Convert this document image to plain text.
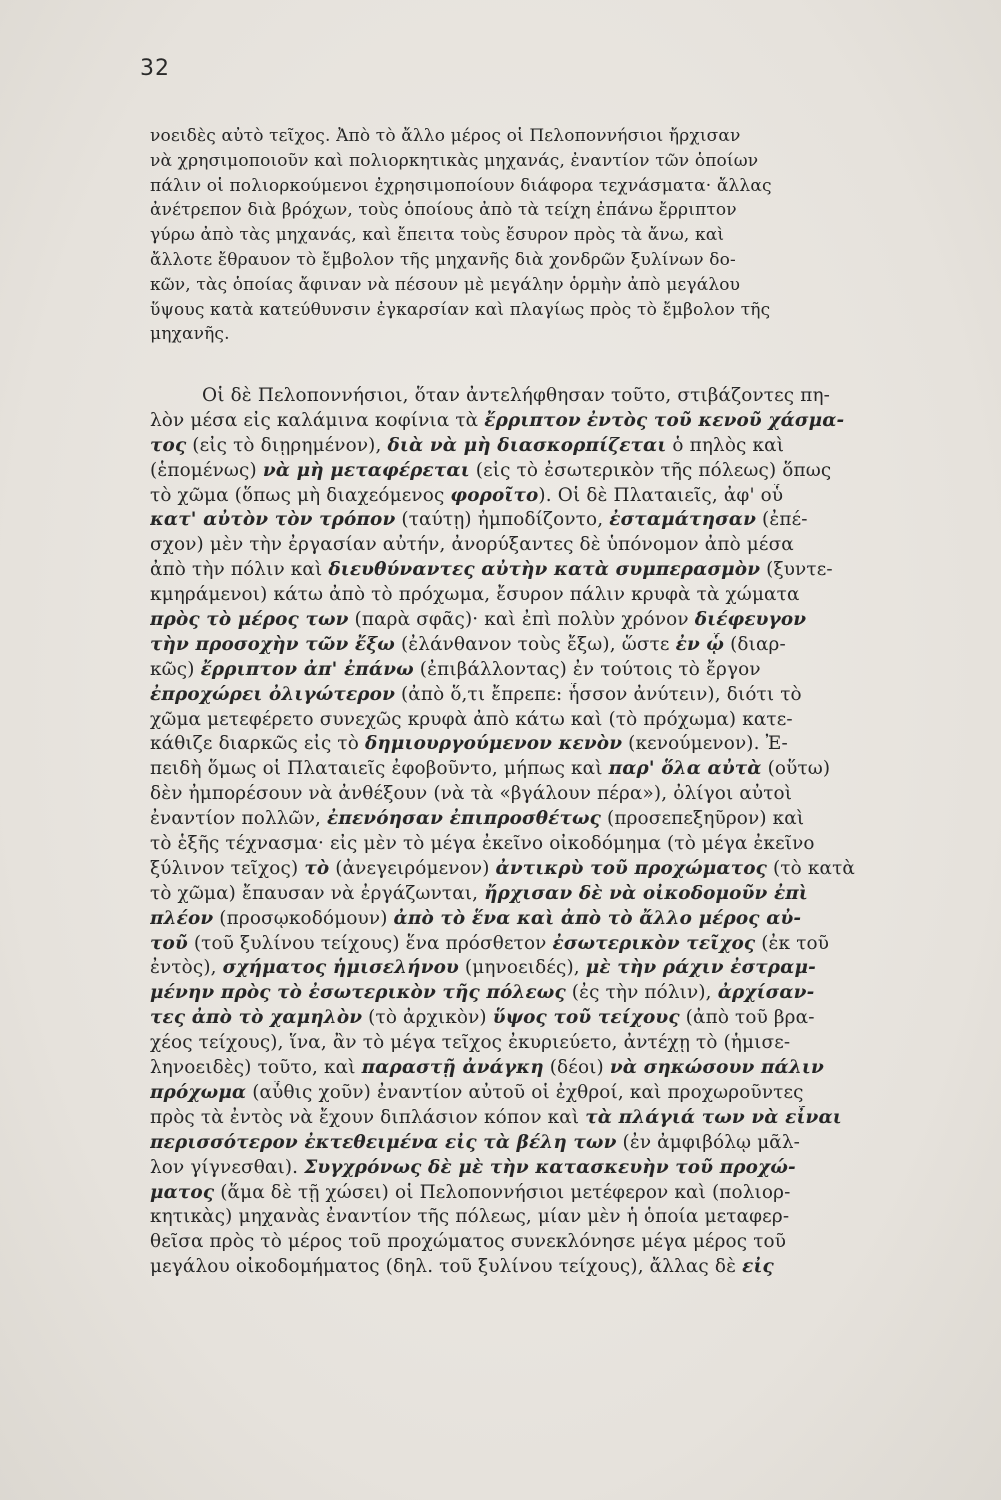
32
νοειδὲς αὐτὸ τεῖχος. Ἀπὸ τὸ ἄλλο μέρος οἱ Πελοποννήσιοι ἤρχισαν
νὰ χρησιμοποιοῦν καὶ πολιορκητικὰς μηχανάς, ἐναντίον τῶν ὁποίων
πάλιν οἱ πολιορκούμενοι ἐχρησιμοποίουν διάφορα τεχνάσματα· ἄλλας
ἀνέτρεπον διὰ βρόχων, τοὺς ὁποίους ἀπὸ τὰ τείχη ἐπάνω ἔρριπτον
γύρω ἀπὸ τὰς μηχανάς, καὶ ἔπειτα τοὺς ἔσυρον πρὸς τὰ ἄνω, καὶ
ἄλλοτε ἔθραυον τὸ ἔμβολον τῆς μηχανῆς διὰ χονδρῶν ξυλίνων δο-
κῶν, τὰς ὁποίας ἄφιναν νὰ πέσουν μὲ μεγάλην ὁρμὴν ἀπὸ μεγάλου
ὕψους κατὰ κατεύθυνσιν ἐγκαρσίαν καὶ πλαγίως πρὸς τὸ ἔμβολον τῆς
μηχανῆς.
Οἱ δὲ Πελοποννήσιοι, ὅταν ἀντελήφθησαν τοῦτο, στιβάζοντες πη-
λὸν μέσα εἰς καλάμινα κοφίνια τὰ ἔρριπτον ἐντὸς τοῦ κενοῦ χάσμα-
τος (εἰς τὸ διῃρημένον), διὰ νὰ μὴ διασκορπίζεται ὁ πηλὸς καὶ
(ἑπομένως) νὰ μὴ μεταφέρεται (εἰς τὸ ἐσωτερικὸν τῆς πόλεως) ὅπως
τὸ χῶμα (ὅπως μὴ διαχεόμενος φοροῖτο). Οἱ δὲ Πλαταιεῖς, ἀφ' οὗ
κατ' αὐτὸν τὸν τρόπον (ταύτῃ) ἠμποδίζοντο, ἐσταμάτησαν (ἐπέ-
σχον) μὲν τὴν ἐργασίαν αὐτήν, ἀνορύξαντες δὲ ὑπόνομον ἀπὸ μέσα
ἀπὸ τὴν πόλιν καὶ διευθύναντες αὐτὴν κατὰ συμπερασμὸν (ξυντε-
κμηράμενοι) κάτω ἀπὸ τὸ πρόχωμα, ἔσυρον πάλιν κρυφὰ τὰ χώματα
πρὸς τὸ μέρος των (παρὰ σφᾶς)· καὶ ἐπὶ πολὺν χρόνον διέφευγον
τὴν προσοχὴν τῶν ἔξω (ἐλάνθανον τοὺς ἔξω), ὥστε ἐν ᾧ (διαρ-
κῶς) ἔρριπτον ἀπ' ἐπάνω (ἐπιβάλλοντας) ἐν τούτοις τὸ ἔργον
ἐπροχώρει ὀλιγώτερον (ἀπὸ ὅ,τι ἔπρεπε: ἧσσον ἀνύτειν), διότι τὸ
χῶμα μετεφέρετο συνεχῶς κρυφὰ ἀπὸ κάτω καὶ (τὸ πρόχωμα) κατε-
κάθιζε διαρκῶς εἰς τὸ δημιουργούμενον κενὸν (κενούμενον). Ἐ-
πειδὴ ὅμως οἱ Πλαταιεῖς ἐφοβοῦντο, μήπως καὶ παρ' ὅλα αὐτὰ (οὕτω)
δὲν ἠμπορέσουν νὰ ἀνθέξουν (νὰ τὰ «βγάλουν πέρα»), ὀλίγοι αὐτοὶ
ἐναντίον πολλῶν, ἐπενόησαν ἐπιπροσθέτως (προσεπεξηῦρον) καὶ
τὸ ἑξῆς τέχνασμα· εἰς μὲν τὸ μέγα ἐκεῖνο οἰκοδόμημα (τὸ μέγα ἐκεῖνο
ξύλινον τεῖχος) τὸ (ἀνεγειρόμενον) ἀντικρὺ τοῦ προχώματος (τὸ κατὰ
τὸ χῶμα) ἔπαυσαν νὰ ἐργάζωνται, ἤρχισαν δὲ νὰ οἰκοδομοῦν ἐπὶ
πλέον (προσῳκοδόμουν) ἀπὸ τὸ ἕνα καὶ ἀπὸ τὸ ἄλλο μέρος αὐ-
τοῦ (τοῦ ξυλίνου τείχους) ἕνα πρόσθετον ἐσωτερικὸν τεῖχος (ἐκ τοῦ
ἐντὸς), σχήματος ἡμισελήνου (μηνοειδές), μὲ τὴν ράχιν ἐστραμ-
μένην πρὸς τὸ ἐσωτερικὸν τῆς πόλεως (ἐς τὴν πόλιν), ἀρχίσαν-
τες ἀπὸ τὸ χαμηλὸν (τὸ ἀρχικὸν) ὕψος τοῦ τείχους (ἀπὸ τοῦ βρα-
χέος τείχους), ἵνα, ἂν τὸ μέγα τεῖχος ἐκυριεύετο, ἀντέχῃ τὸ (ἡμισε-
ληνοειδὲς) τοῦτο, καὶ παραστῇ ἀνάγκη (δέοι) νὰ σηκώσουν πάλιν
πρόχωμα (αὖθις χοῦν) ἐναντίον αὐτοῦ οἱ ἐχθροί, καὶ προχωροῦντες
πρὸς τὰ ἐντὸς νὰ ἔχουν διπλάσιον κόπον καὶ τὰ πλάγιά των νὰ εἶναι
περισσότερον ἐκτεθειμένα εἰς τὰ βέλη των (ἐν ἀμφιβόλῳ μᾶλ-
λον γίγνεσθαι). Συγχρόνως δὲ μὲ τὴν κατασκευὴν τοῦ προχώ-
ματος (ἅμα δὲ τῇ χώσει) οἱ Πελοποννήσιοι μετέφερον καὶ (πολιορ-
κητικὰς) μηχανὰς ἐναντίον τῆς πόλεως, μίαν μὲν ἡ ὁποία μεταφερ-
θεῖσα πρὸς τὸ μέρος τοῦ προχώματος συνεκλόνησε μέγα μέρος τοῦ
μεγάλου οἰκοδομήματος (δηλ. τοῦ ξυλίνου τείχους), ἄλλας δὲ εἰς
